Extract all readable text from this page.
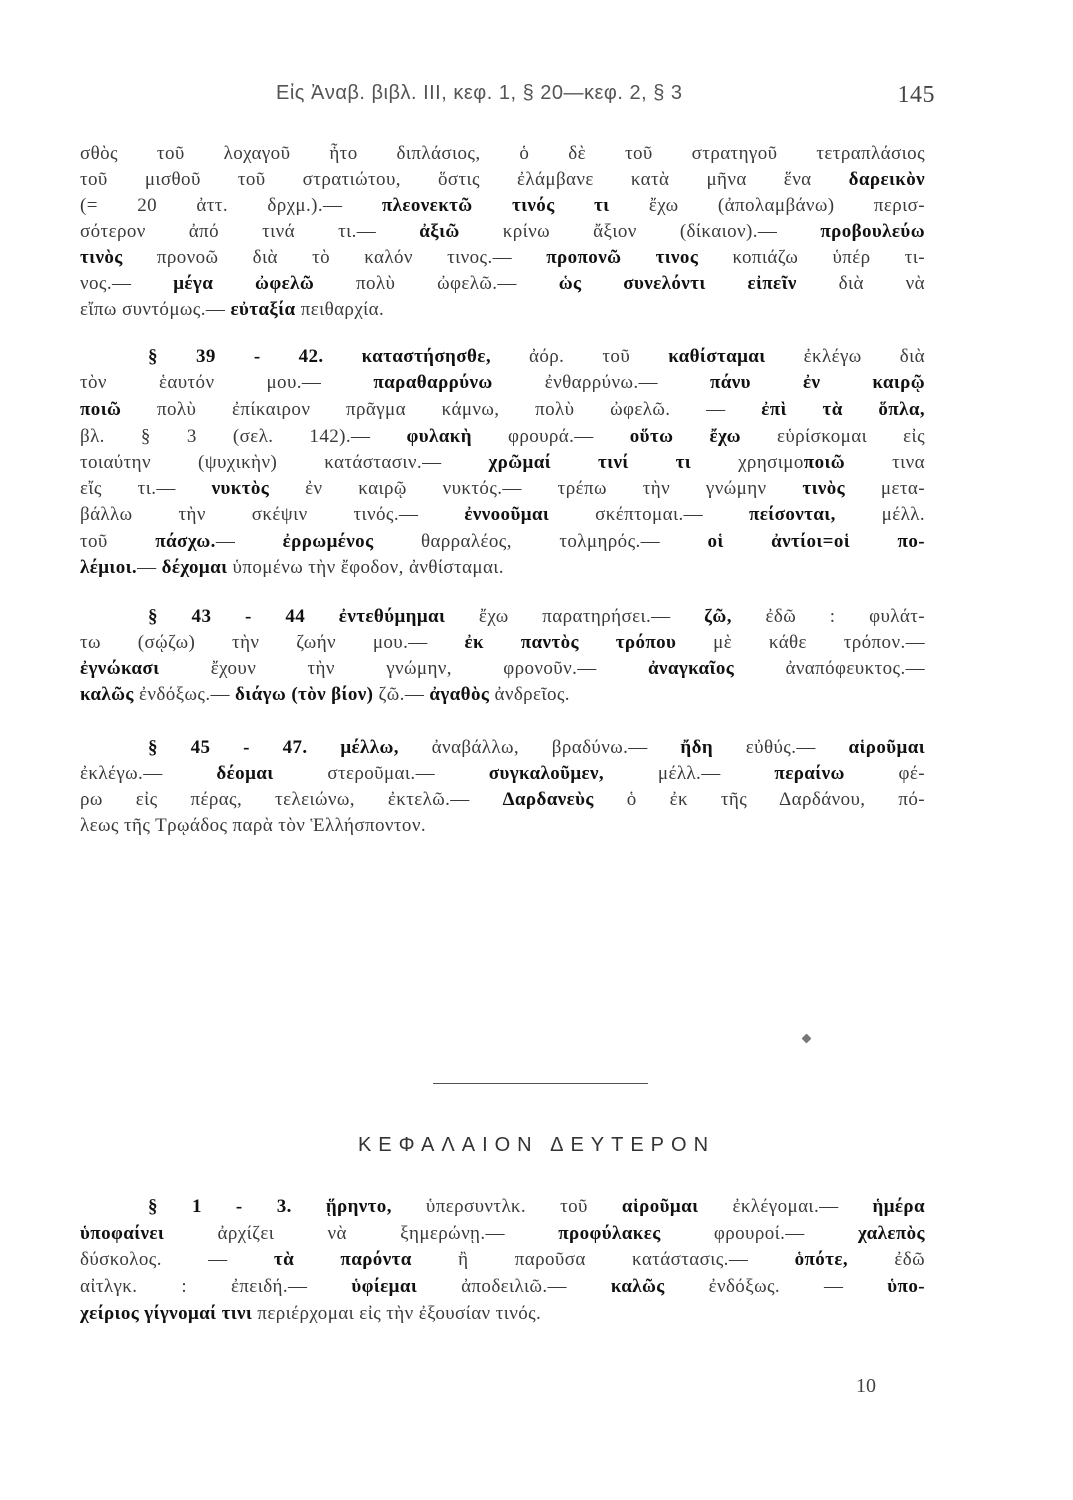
Εἰς Ἀναβ. βιβλ. ΙΙΙ, κεφ. 1, § 20—κεφ. 2, § 3	145
σθὸς τοῦ λοχαγοῦ ἦτο διπλάσιος, ὁ δὲ τοῦ στρατηγοῦ τετραπλάσιος
τοῦ μισθοῦ τοῦ στρατιώτου, ὅστις ἐλάμβανε κατὰ μῆνα ἕνα δαρεικὸν
(= 20 ἀττ. δρχμ.).— πλεονεκτῶ τινός τι ἔχω (ἀπολαμβάνω) περισ-
σότερον ἀπό τινά τι.— ἀξιῶ κρίνω ἄξιον (δίκαιον).— προβουλεύω
τινὸς προνοῶ διὰ τὸ καλόν τινος.— προπονῶ τινος κοπιάζω ὑπέρ τι-
νος.— μέγα ὠφελῶ πολὺ ὠφελῶ.— ὡς συνελόντι εἰπεῖν διὰ νὰ
εἴπω συντόμως.— εὐταξία πειθαρχία.
§ 39 - 42. καταστήσησθε, ἀόρ. τοῦ καθίσταμαι ἐκλέγω διὰ
τὸν ἑαυτόν μου.— παραθαρρύνω ἐνθαρρύνω.— πάνυ ἐν καιρῷ
ποιῶ πολὺ ἐπίκαιρον πρᾶγμα κάμνω, πολὺ ὠφελῶ. — ἐπὶ τὰ ὅπλα,
βλ. § 3 (σελ. 142).— φυλακὴ φρουρά.— οὕτω ἔχω εὑρίσκομαι εἰς
τοιαύτην (ψυχικὴν) κατάστασιν.— χρῶμαί τινί τι χρησιμοποιῶ τινα
εἴς τι.— νυκτὸς ἐν καιρῷ νυκτός.— τρέπω τὴν γνώμην τινὸς μετα-
βάλλω τὴν σκέψιν τινός.— ἐννοοῦμαι σκέπτομαι.— πείσονται, μέλλ.
τοῦ πάσχω.— ἐρρωμένος θαρραλέος, τολμηρός.— οἱ ἀντίοι=οἱ πο-
λέμιοι.— δέχομαι ὑπομένω τὴν ἔφοδον, ἀνθίσταμαι.
§ 43 - 44 ἐντεθύμημαι ἔχω παρατηρήσει.— ζῶ, ἐδῶ : φυλάτ-
τω (σῴζω) τὴν ζωήν μου.— ἐκ παντὸς τρόπου μὲ κάθε τρόπον.—
ἐγνώκασι ἔχουν τὴν γνώμην, φρονοῦν.— ἀναγκαῖος ἀναπόφευκτος.—
καλῶς ἐνδόξως.— διάγω (τὸν βίον) ζῶ.— ἀγαθὸς ἀνδρεῖος.
§ 45 - 47. μέλλω, ἀναβάλλω, βραδύνω.— ἤδη εὐθύς.— αἱροῦμαι
ἐκλέγω.— δέομαι στεροῦμαι.— συγκαλοῦμεν, μέλλ.— περαίνω φέ-
ρω εἰς πέρας, τελειώνω, ἐκτελῶ.— Δαρδανεὺς ὁ ἐκ τῆς Δαρδάνου, πό-
λεως τῆς Τρῳάδος παρὰ τὸν Ἑλλήσποντον.
§ 1 - 3. ᾕρηντο, ὑπερσυντλκ. τοῦ αἱροῦμαι ἐκλέγομαι.— ἡμέρα
ὑποφαίνει ἀρχίζει νὰ ξημερώνῃ.— προφύλακες φρουροί.— χαλεπὸς
δύσκολος. — τὰ παρόντα ἢ παροῦσα κατάστασις.— ὁπότε, ἐδῶ
αἰτλγκ. : ἐπειδή.— ὑφίεμαι ἀποδειλιῶ.— καλῶς ἐνδόξως. — ὑπο-
χείριος γίγνομαί τινι περιέρχομαι εἰς τὴν ἐξουσίαν τινός.
ΚΕΦΑΛΑΙΟΝ ΔΕΥΤΕΡΟΝ
10
